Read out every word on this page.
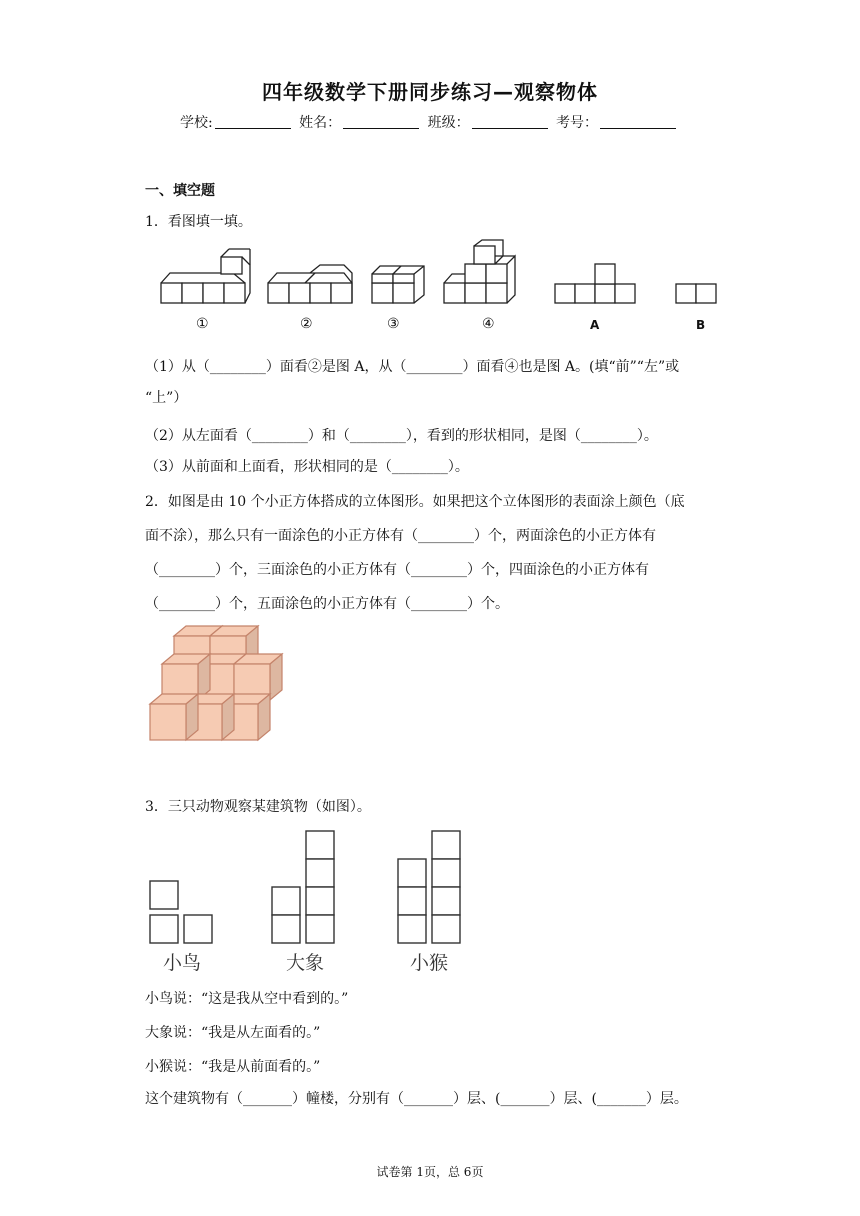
四年级数学下册同步练习—观察物体
学校:	姓名：	班级：	考号：
一、填空题
1．看图填一填。
①	②	③	④	A	B
（1）从（________）面看②是图 A，从（________）面看④也是图 A。(填“前”“左”或
“上”）
（2）从左面看（________）和（________），看到的形状相同，是图（________）。
（3）从前面和上面看，形状相同的是（________）。
2．如图是由 10 个小正方体搭成的立体图形。如果把这个立体图形的表面涂上颜色（底
面不涂），那么只有一面涂色的小正方体有（________）个，两面涂色的小正方体有
（________）个，三面涂色的小正方体有（________）个，四面涂色的小正方体有
（________）个，五面涂色的小正方体有（________）个。
3．三只动物观察某建筑物（如图）。
小鸟	大象	小猴
小鸟说：“这是我从空中看到的。”
大象说：“我是从左面看的。”
小猴说：“我是从前面看的。”
这个建筑物有（_______）幢楼，分别有（_______）层、(_______）层、(_______）层。
试卷第 1页，总 6页
